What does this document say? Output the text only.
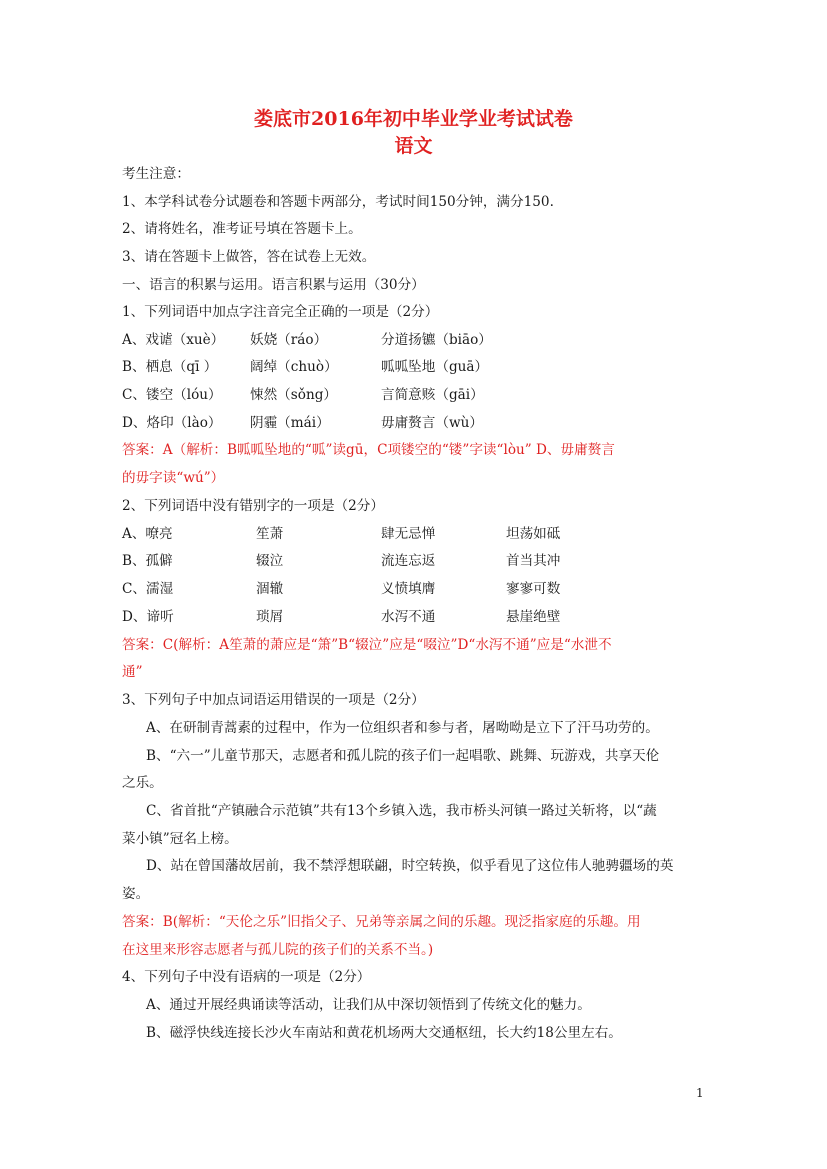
娄底市2016年初中毕业学业考试试卷
语文
考生注意：
1、本学科试卷分试题卷和答题卡两部分，考试时间150分钟，满分150.
2、请将姓名，准考证号填在答题卡上。
3、请在答题卡上做答，答在试卷上无效。
一、语言的积累与运用。语言积累与运用（30分）
1、下列词语中加点字注音完全正确的一项是（2分）
A、戏谑（xuè） 妖娆（ráo）	分道扬镳（biāo）
B、栖息（qī ） 阔绰（chuò）	呱呱坠地（guā）
C、镂空（lóu） 悚然（sǒng）	言简意赅（gāi）
D、烙印（lào） 阴霾（mái）	毋庸赘言（wù）
答案：A（解析：B呱呱坠地的“呱”读gū，C项镂空的“镂”字读“lòu” D、毋庸赘言
的毋字读“wú”）
2、下列词语中没有错别字的一项是（2分）
A、嘹亮	笙萧	肆无忌惮	坦荡如砥
B、孤僻	辍泣	流连忘返	首当其冲
C、濡湿	涸辙	义愤填膺	寥寥可数
D、谛听	琐屑	水泻不通	悬崖绝壁
答案：C(解析：A笙萧的萧应是“箫”B“辍泣”应是“啜泣”D“水泻不通”应是“水泄不
通”
3、下列句子中加点词语运用错误的一项是（2分）
A、在研制青蒿素的过程中，作为一位组织者和参与者，屠呦呦是立下了汗马功劳的。
B、“六一”儿童节那天，志愿者和孤儿院的孩子们一起唱歌、跳舞、玩游戏，共享天伦
之乐。
C、省首批“产镇融合示范镇”共有13个乡镇入选，我市桥头河镇一路过关斩将，以“蔬
菜小镇”冠名上榜。
D、站在曾国藩故居前，我不禁浮想联翩，时空转换，似乎看见了这位伟人驰骋疆场的英
姿。
答案：B(解析：“天伦之乐”旧指父子、兄弟等亲属之间的乐趣。现泛指家庭的乐趣。用
在这里来形容志愿者与孤儿院的孩子们的关系不当。)
4、下列句子中没有语病的一项是（2分）
A、通过开展经典诵读等活动，让我们从中深切领悟到了传统文化的魅力。
B、磁浮快线连接长沙火车南站和黄花机场两大交通枢纽，长大约18公里左右。
1
